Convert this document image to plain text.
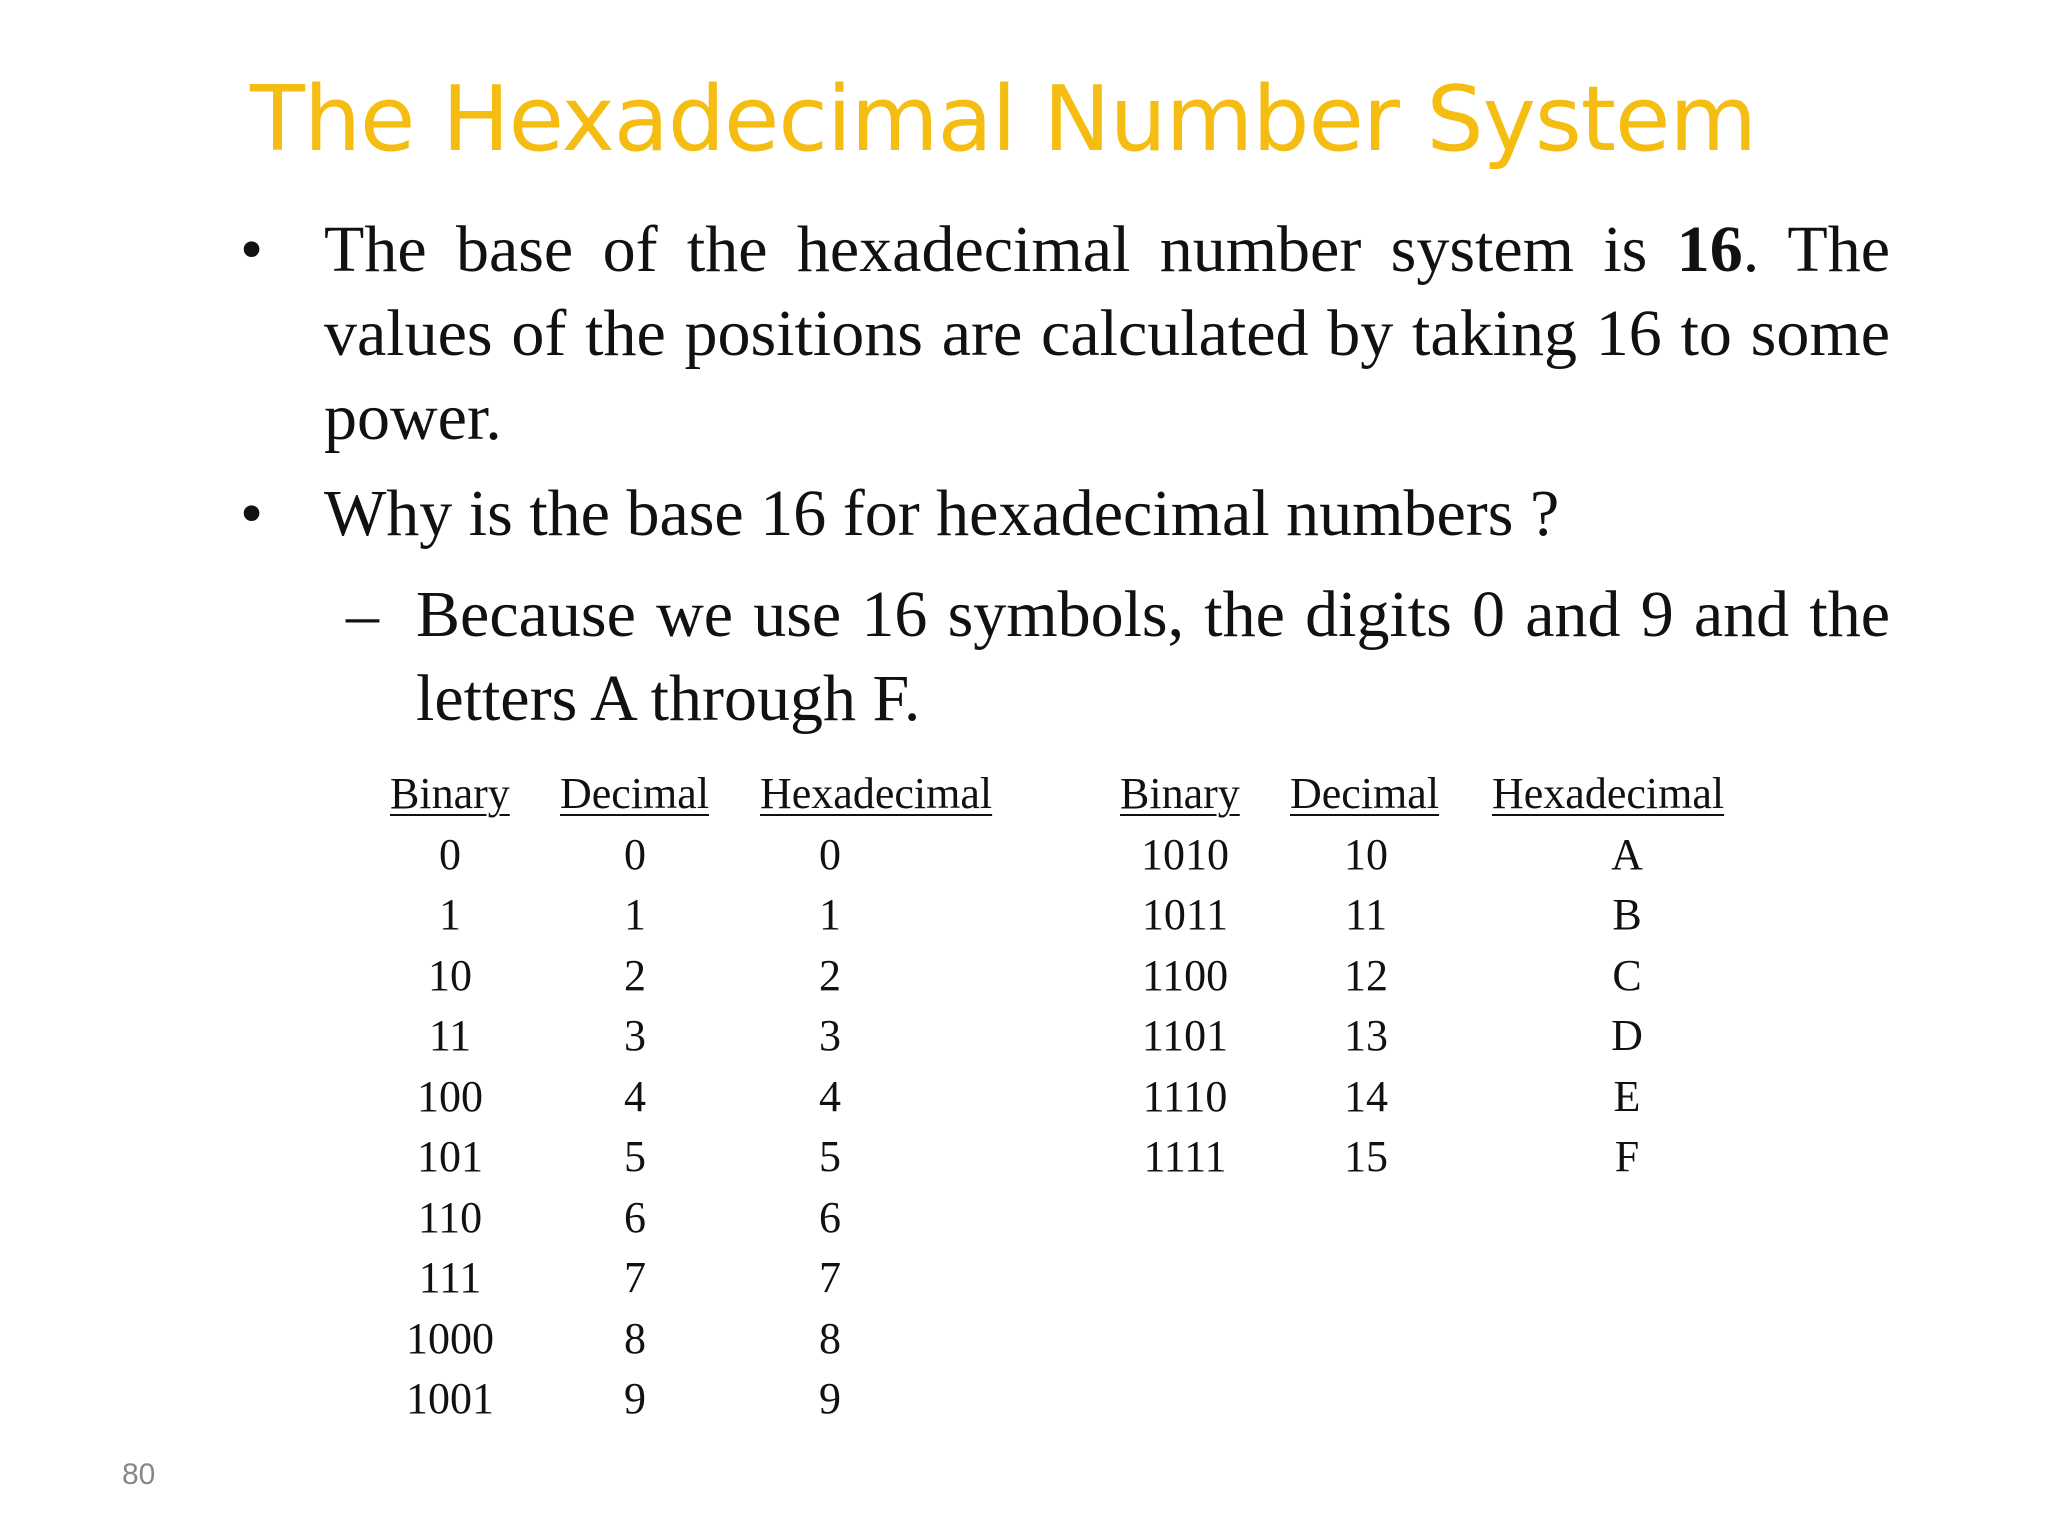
The Hexadecimal Number System
• The base of the hexadecimal number system is 16. The values of the positions are calculated by taking 16 to some power.
• Why is the base 16 for hexadecimal numbers ?
– Because we use 16 symbols, the digits 0 and 9 and the letters A through F.
Binary	Decimal	Hexadecimal
0	0	0
1	1	1
10	2	2
11	3	3
100	4	4
101	5	5
110	6	6
111	7	7
1000	8	8
1001	9	9
Binary	Decimal	Hexadecimal
1010	10	A
1011	11	B
1100	12	C
1101	13	D
1110	14	E
1111	15	F
80
